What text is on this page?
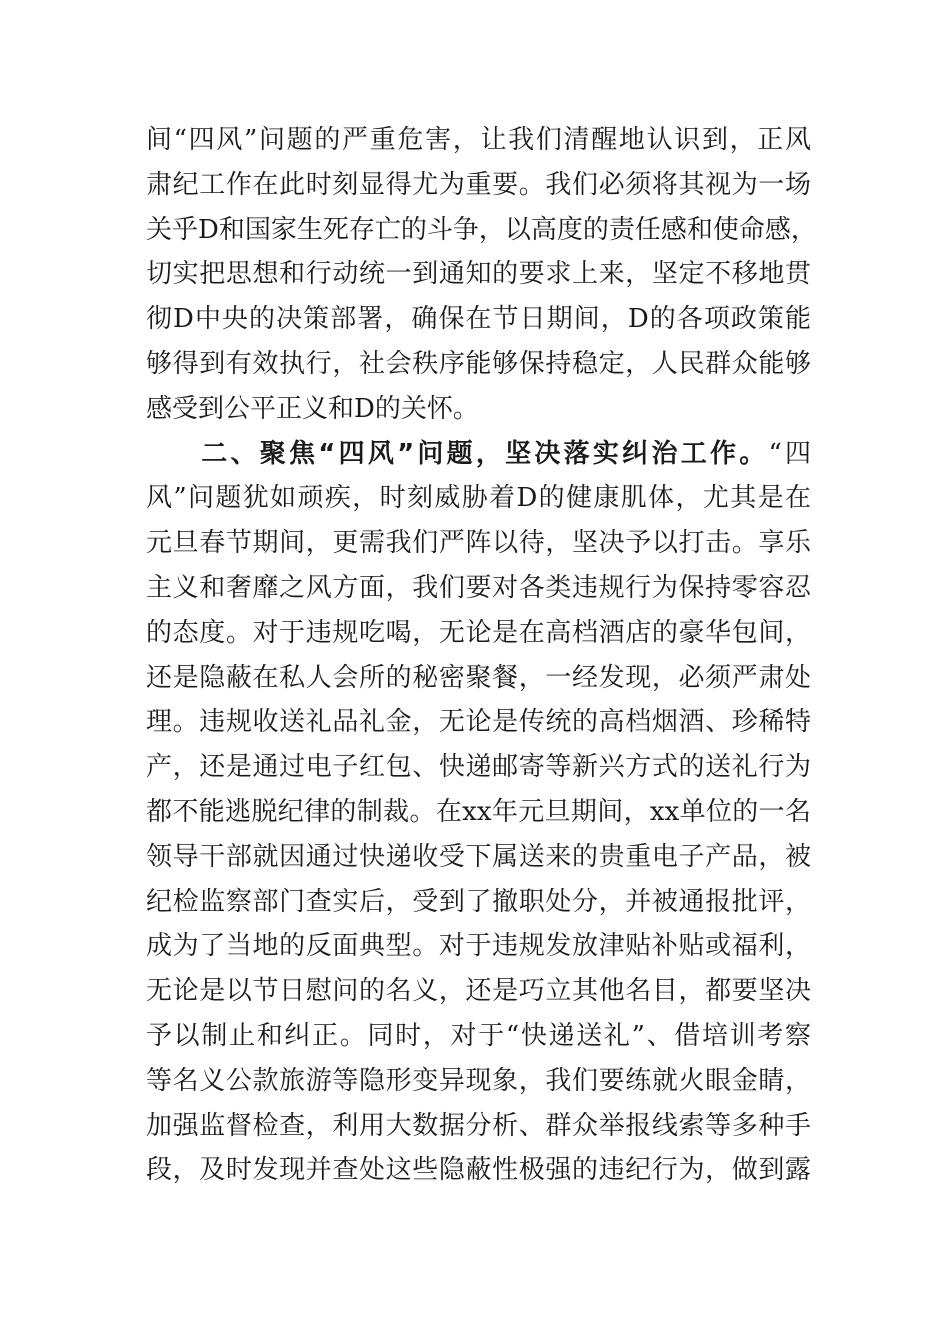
间“四风”问题的严重危害，让我们清醒地认识到，正风
肃纪工作在此时刻显得尤为重要。我们必须将其视为一场
关乎D和国家生死存亡的斗争，以高度的责任感和使命感，
切实把思想和行动统一到通知的要求上来，坚定不移地贯
彻D中央的决策部署，确保在节日期间，D的各项政策能
够得到有效执行，社会秩序能够保持稳定，人民群众能够
感受到公平正义和D的关怀。
二、聚焦“四风”问题，坚决落实纠治工作。“四
风”问题犹如顽疾，时刻威胁着D的健康肌体，尤其是在
元旦春节期间，更需我们严阵以待，坚决予以打击。享乐
主义和奢靡之风方面，我们要对各类违规行为保持零容忍
的态度。对于违规吃喝，无论是在高档酒店的豪华包间，
还是隐蔽在私人会所的秘密聚餐，一经发现，必须严肃处
理。违规收送礼品礼金，无论是传统的高档烟酒、珍稀特
产，还是通过电子红包、快递邮寄等新兴方式的送礼行为
都不能逃脱纪律的制裁。在xx年元旦期间，xx单位的一名
领导干部就因通过快递收受下属送来的贵重电子产品，被
纪检监察部门查实后，受到了撤职处分，并被通报批评，
成为了当地的反面典型。对于违规发放津贴补贴或福利，
无论是以节日慰问的名义，还是巧立其他名目，都要坚决
予以制止和纠正。同时，对于“快递送礼”、借培训考察
等名义公款旅游等隐形变异现象，我们要练就火眼金睛，
加强监督检查，利用大数据分析、群众举报线索等多种手
段，及时发现并查处这些隐蔽性极强的违纪行为，做到露
